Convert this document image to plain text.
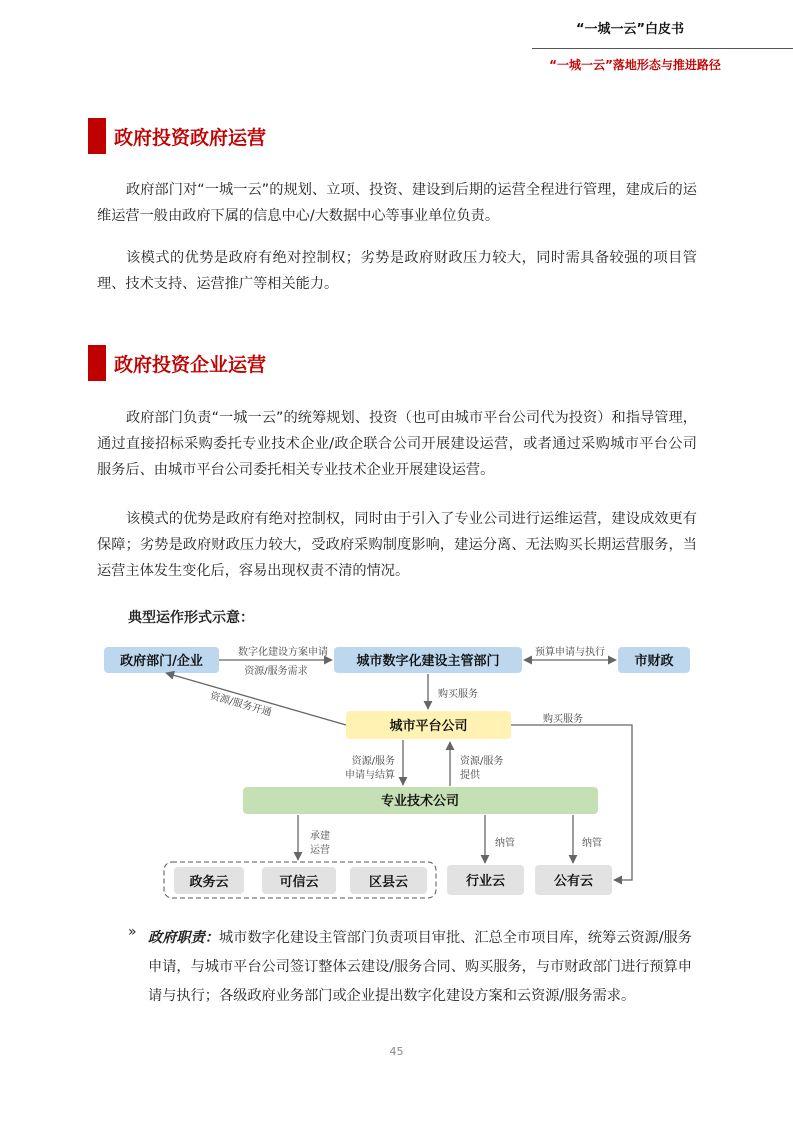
“一城一云”白皮书
“一城一云”落地形态与推进路径
政府投资政府运营
政府部门对“一城一云”的规划、立项、投资、建设到后期的运营全程进行管理，建成后的运维运营一般由政府下属的信息中心/大数据中心等事业单位负责。
该模式的优势是政府有绝对控制权；劣势是政府财政压力较大，同时需具备较强的项目管理、技术支持、运营推广等相关能力。
政府投资企业运营
政府部门负责“一城一云”的统筹规划、投资（也可由城市平台公司代为投资）和指导管理，通过直接招标采购委托专业技术企业/政企联合公司开展建设运营，或者通过采购城市平台公司服务后、由城市平台公司委托相关专业技术企业开展建设运营。
该模式的优势是政府有绝对控制权，同时由于引入了专业公司进行运维运营，建设成效更有保障；劣势是政府财政压力较大，受政府采购制度影响，建运分离、无法购买长期运营服务，当运营主体发生变化后，容易出现权责不清的情况。
典型运作形式示意：
政府部门/企业	城市数字化建设主管部门	市财政
城市平台公司
专业技术公司
政务云	可信云	区县云	行业云	公有云
数字化建设方案申请
资源/服务需求
预算申请与执行
购买服务
资源/服务开通
购买服务
资源/服务
申请与结算
资源/服务
提供
承建
运营
纳管	纳管
» 政府职责：城市数字化建设主管部门负责项目审批、汇总全市项目库，统筹云资源/服务申请，与城市平台公司签订整体云建设/服务合同、购买服务，与市财政部门进行预算申请与执行；各级政府业务部门或企业提出数字化建设方案和云资源/服务需求。
45
